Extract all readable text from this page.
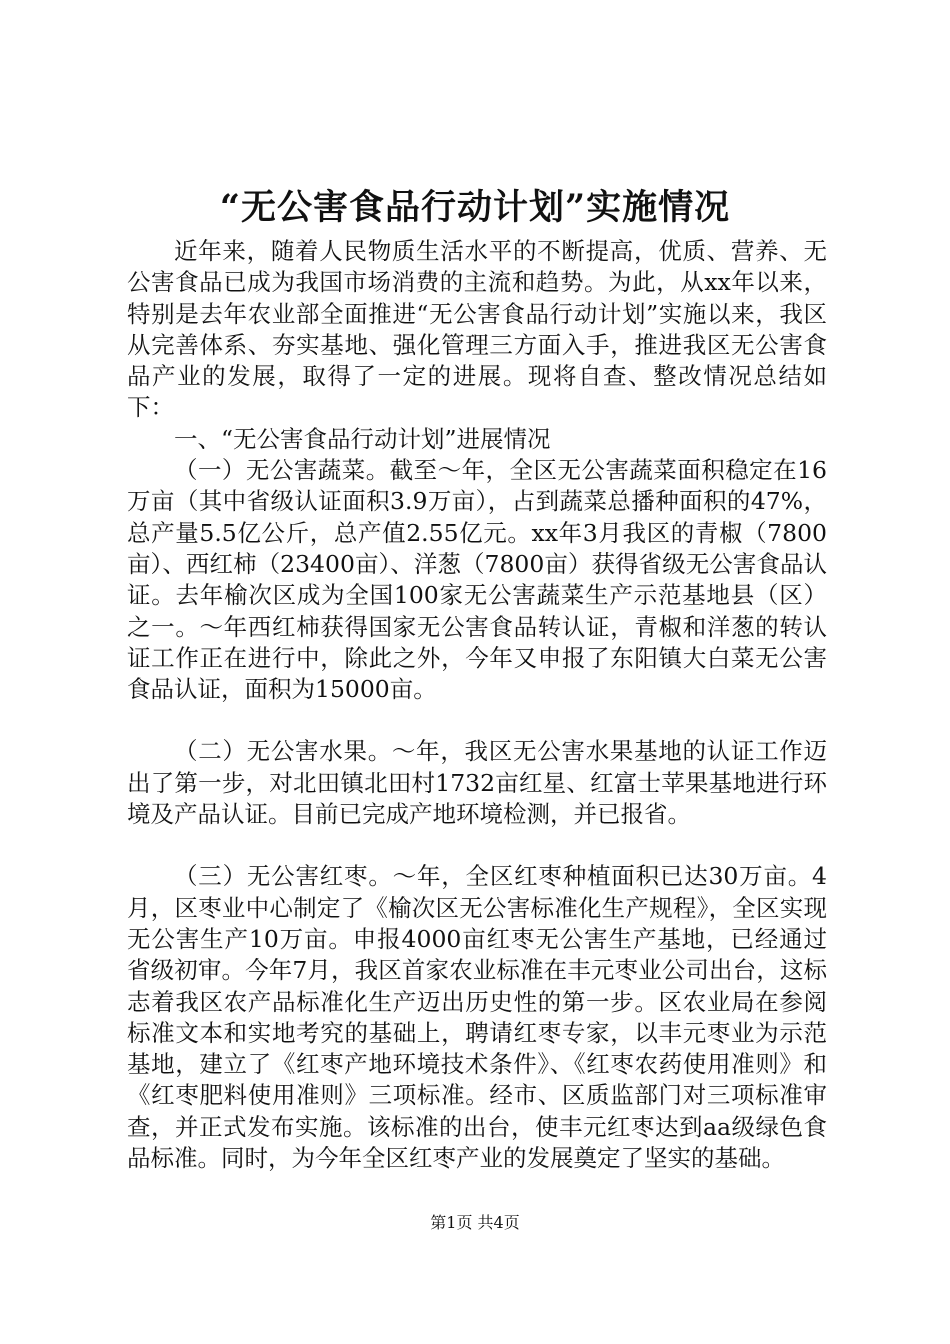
“无公害食品行动计划”实施情况

近年来，随着人民物质生活水平的不断提高，优质、营养、无公害食品已成为我国市场消费的主流和趋势。为此，从xx年以来，特别是去年农业部全面推进“无公害食品行动计划”实施以来，我区从完善体系、夯实基地、强化管理三方面入手，推进我区无公害食品产业的发展，取得了一定的进展。现将自查、整改情况总结如下：

一、“无公害食品行动计划”进展情况

（一）无公害蔬菜。截至～年，全区无公害蔬菜面积稳定在16万亩（其中省级认证面积3.9万亩），占到蔬菜总播种面积的47%，总产量5.5亿公斤，总产值2.55亿元。xx年3月我区的青椒（7800亩）、西红柿（23400亩）、洋葱（7800亩）获得省级无公害食品认证。去年榆次区成为全国100家无公害蔬菜生产示范基地县（区）之一。～年西红柿获得国家无公害食品转认证，青椒和洋葱的转认证工作正在进行中，除此之外，今年又申报了东阳镇大白菜无公害食品认证，面积为15000亩。

（二）无公害水果。～年，我区无公害水果基地的认证工作迈出了第一步，对北田镇北田村1732亩红星、红富士苹果基地进行环境及产品认证。目前已完成产地环境检测，并已报省。

（三）无公害红枣。～年，全区红枣种植面积已达30万亩。4月，区枣业中心制定了《榆次区无公害标准化生产规程》，全区实现无公害生产10万亩。申报4000亩红枣无公害生产基地，已经通过省级初审。今年7月，我区首家农业标准在丰元枣业公司出台，这标志着我区农产品标准化生产迈出历史性的第一步。区农业局在参阅标准文本和实地考究的基础上，聘请红枣专家，以丰元枣业为示范基地，建立了《红枣产地环境技术条件》、《红枣农药使用准则》和《红枣肥料使用准则》三项标准。经市、区质监部门对三项标准审查，并正式发布实施。该标准的出台，使丰元红枣达到aa级绿色食品标准。同时，为今年全区红枣产业的发展奠定了坚实的基础。

第1页 共4页
